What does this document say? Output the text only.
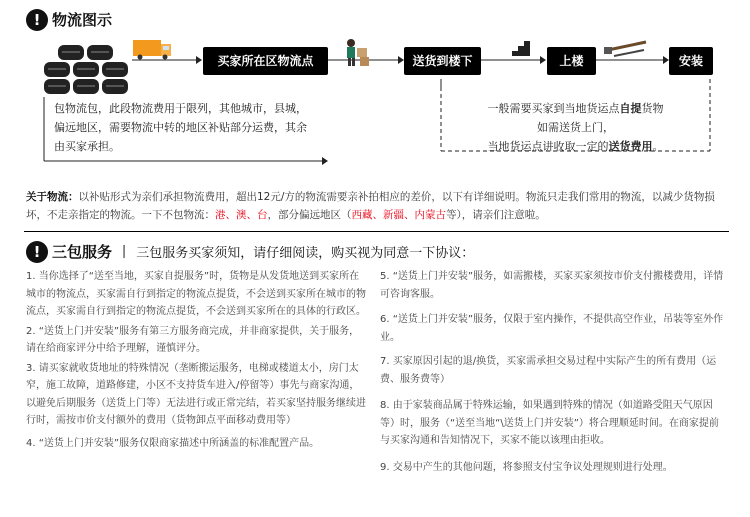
! 物流图示
买家所在区物流点	送货到楼下	上楼	安装
包物流包，此段物流费用于限列，其他城市，县城，偏远地区，需要物流中转的地区补贴部分运费，其余由买家承担。
一般需要买家到当地货运点自提货物
如需送货上门，
当地货运点讲收取一定的送货费用。
关于物流：以补贴形式为亲们承担物流费用，超出12元/方的物流需要亲补拍相应的差价，以下有详细说明。物流只走我们常用的物流，以减少货物损坏，不走亲指定的物流。一下不包物流：港、澳、台，部分偏远地区（西藏、新疆、内蒙古等），请亲们注意啦。
! 三包服务 丨 三包服务买家须知，请仔细阅读，购买视为同意一下协议：
1. 当你选择了“送至当地，买家自提服务”时，货物是从发货地送到买家所在城市的物流点，买家需自行到指定的物流点提货，不会送到买家所在城市的物流点，买家需自行到指定的物流点提货，不会送到买家所在的具体的行政区。
2. “送货上门并安装”服务有第三方服务商完成，并非商家提供，关于服务，请在给商家评分中给予理解，谨慎评分。
3. 请买家就收货地址的特殊情况（垄断搬运服务，电梯或楼道太小，房门太窄，施工故障，道路修建，小区不支持货车进入/停留等）事先与商家沟通，以避免后期服务（送货上门等）无法进行或正常完结，若买家坚持服务继续进行时，需按市价支付额外的费用（货物卸点平面移动费用等）
4. “送货上门并安装”服务仅限商家描述中所涵盖的标准配置产品。
5. “送货上门并安装”服务，如需搬楼，买家买家须按市价支付搬楼费用，详情可咨询客服。
6. “送货上门并安装”服务，仅限于室内操作，不提供高空作业，吊装等室外作业。
7. 买家原因引起的退/换货，买家需承担交易过程中实际产生的所有费用（运费、服务费等）
8. 由于家装商品属于特殊运输，如果遇到特殊的情况（如道路受阻天气原因等）时，服务（“送至当地“\送货上门并安装”）将合理顺延时间。在商家提前与买家沟通和告知情况下，买家不能以该理由拒收。
9. 交易中产生的其他问题，将参照支付宝争议处理规则进行处理。
